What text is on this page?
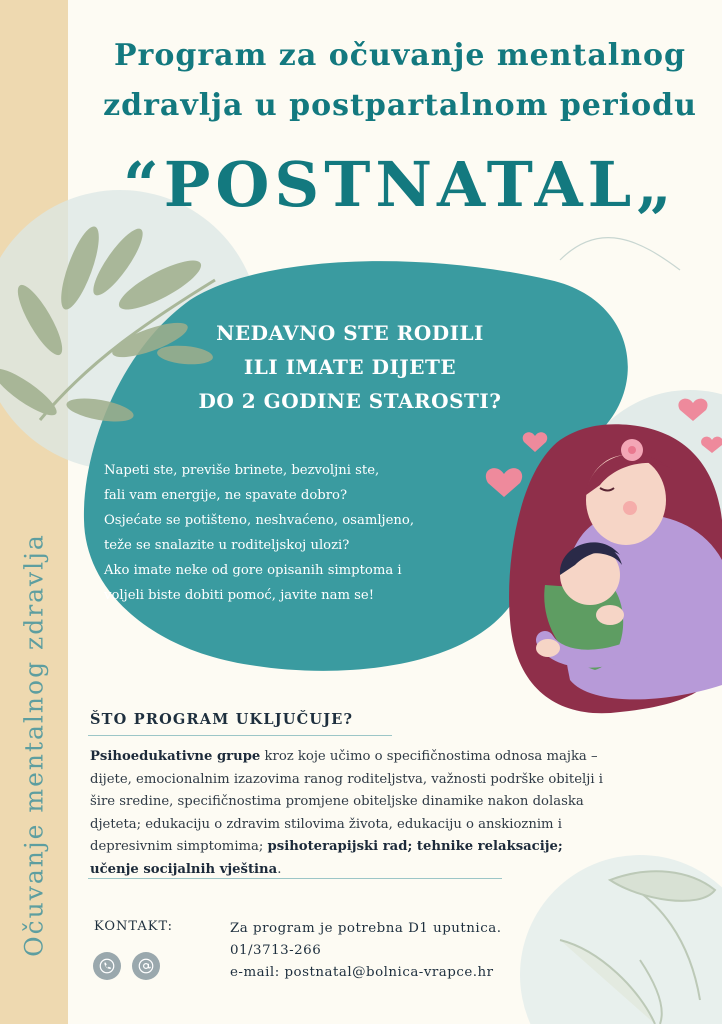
Očuvanje mentalnog zdravlja
Program za očuvanje mentalnog
zdravlja u postpartalnom periodu
“POSTNATAL„
NEDAVNO STE RODILI
ILI IMATE DIJETE
DO 2 GODINE STAROSTI?
Napeti ste, previše brinete, bezvoljni ste,
fali vam energije, ne spavate dobro?
Osjećate se potišteno, neshvaćeno, osamljeno,
teže se snalazite u roditeljskoj ulozi?
Ako imate neke od gore opisanih simptoma i
voljeli biste dobiti pomoć, javite nam se!
ŠTO PROGRAM UKLJUČUJE?

Psihoedukativne grupe kroz koje učimo o specifičnostima odnosa majka – dijete, emocionalnim izazovima ranog roditeljstva, važnosti podrške obitelji i šire sredine, specifičnostima promjene obiteljske dinamike nakon dolaska djeteta; edukaciju o zdravim stilovima života, edukaciju o anskioznim i depresivnim simptomima; psihoterapijski rad; tehnike relaksacije; učenje socijalnih vještina.

KONTAKT:	Za program je potrebna D1 uputnica.
01/3713-266
e-mail: postnatal@bolnica-vrapce.hr
